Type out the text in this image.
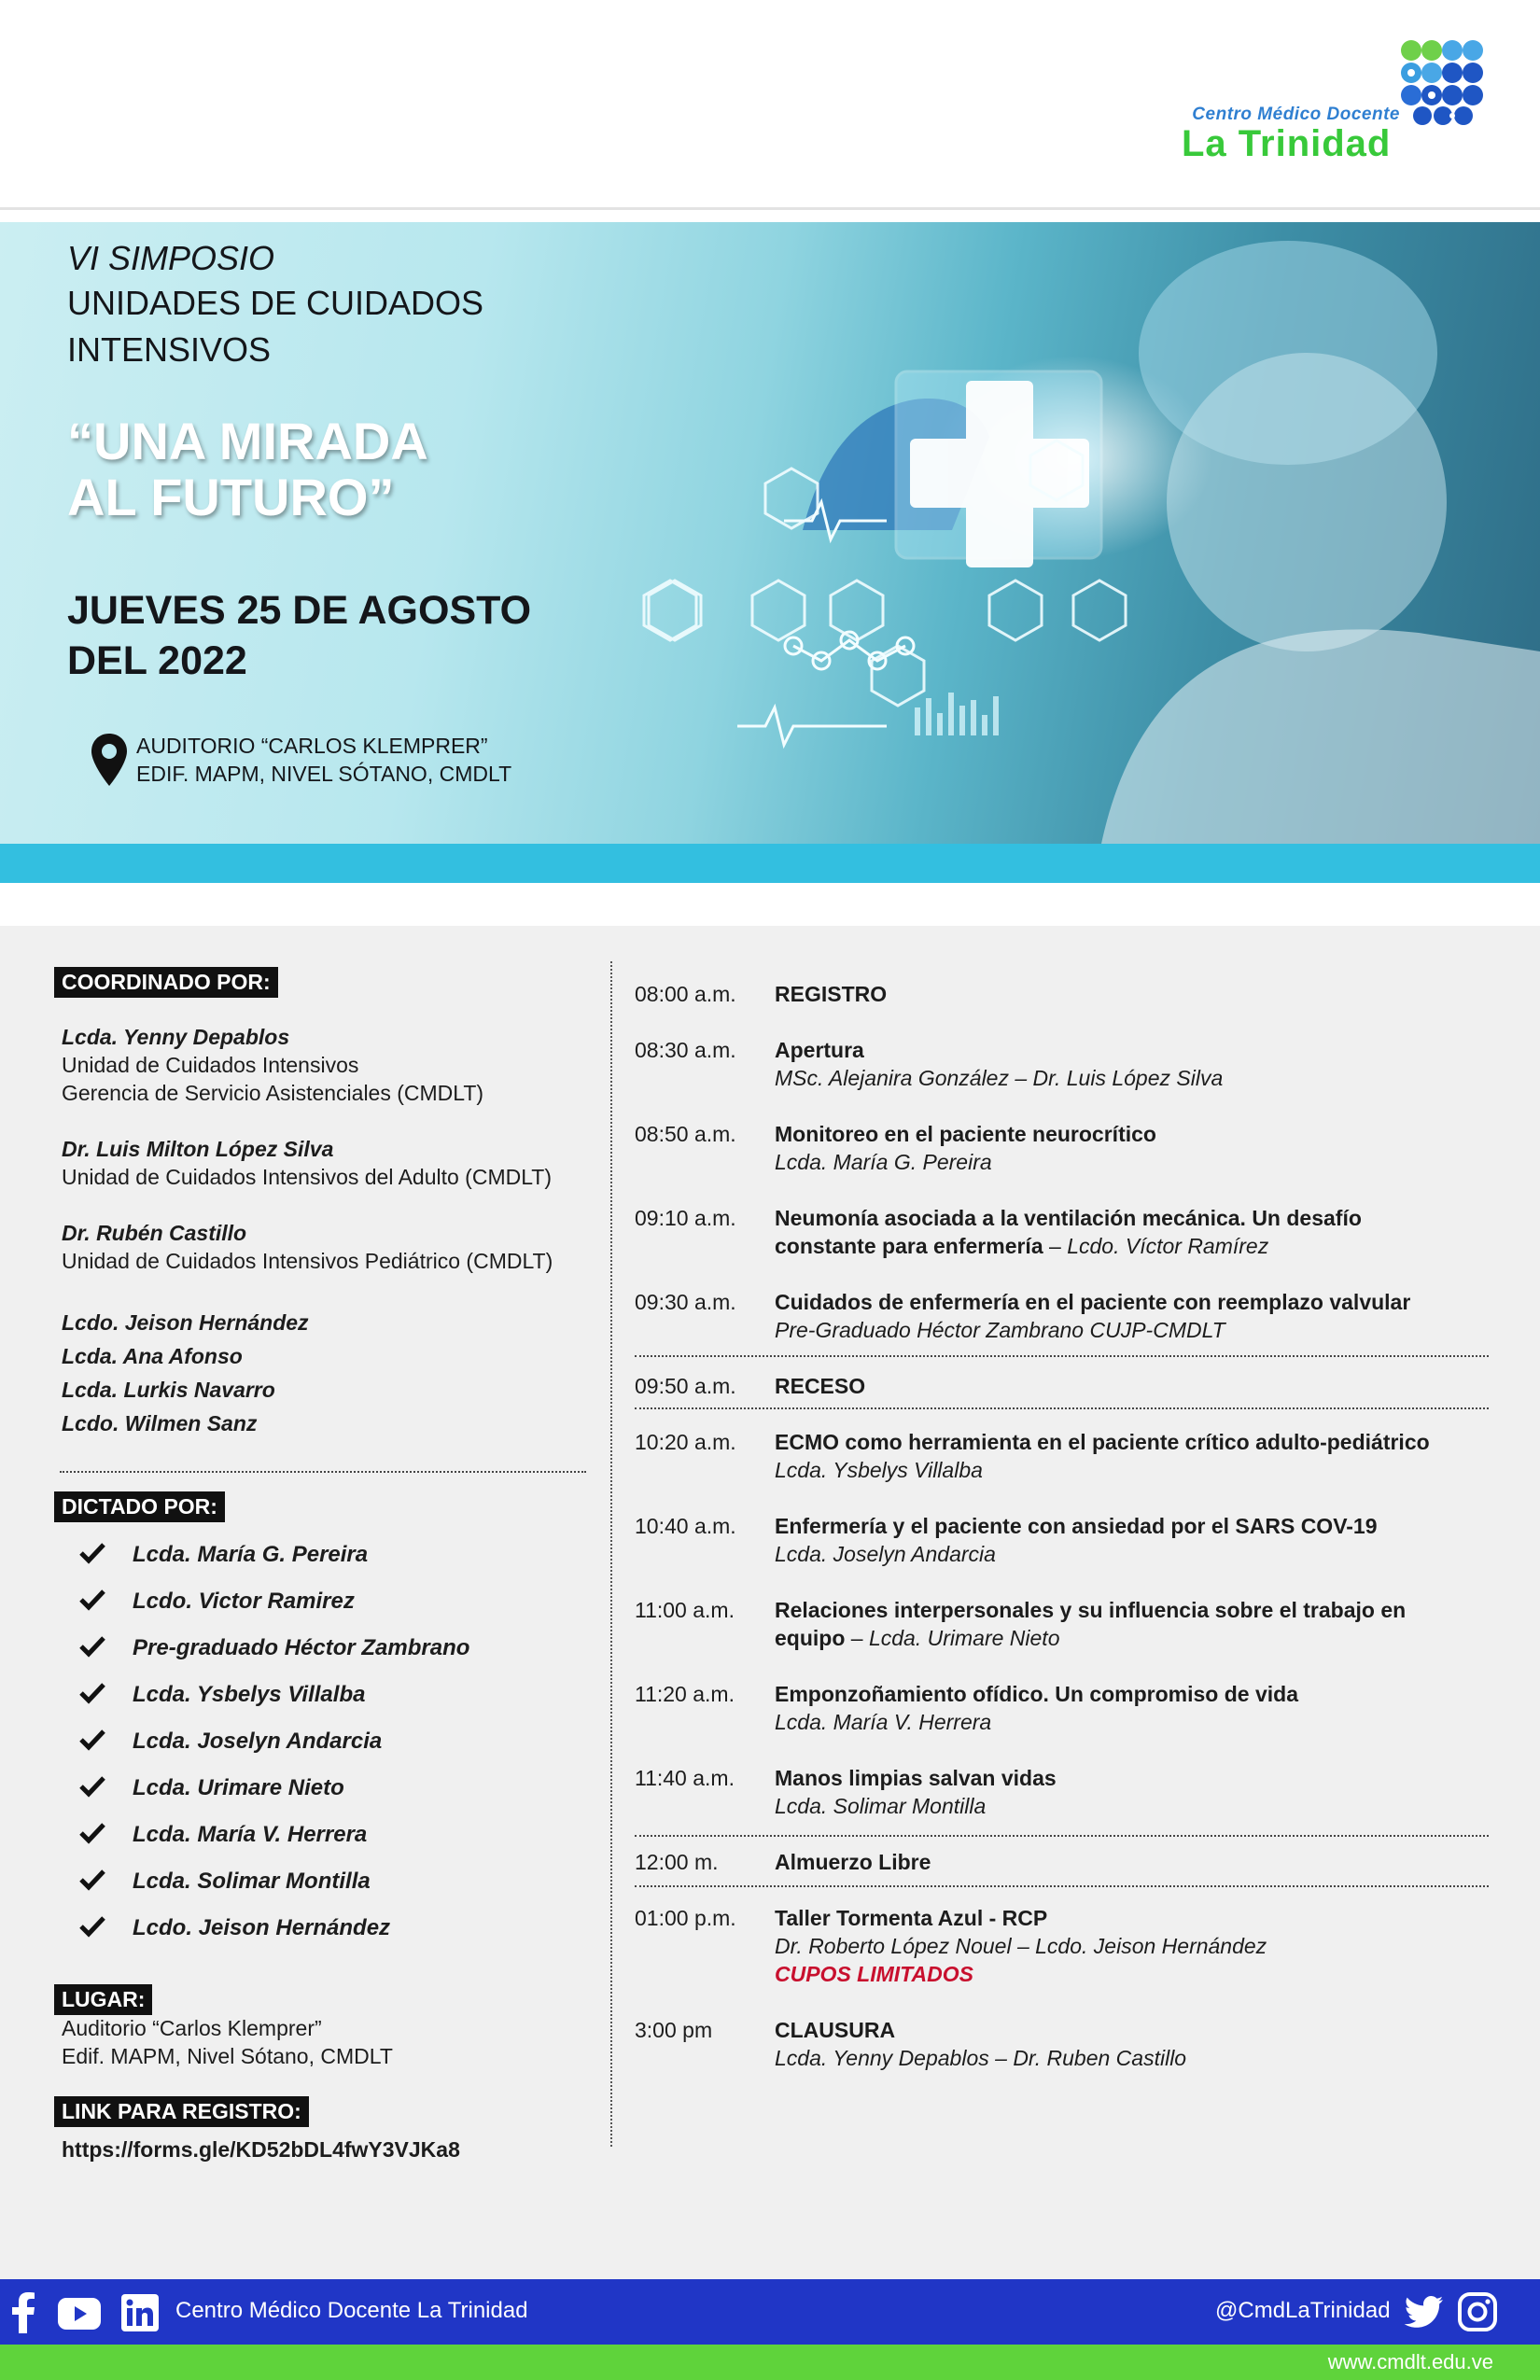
Centro Médico Docente
La Trinidad
VI SIMPOSIO
UNIDADES DE CUIDADOS
INTENSIVOS
“UNA MIRADA
AL FUTURO”
JUEVES 25 DE AGOSTO
DEL 2022
AUDITORIO “CARLOS KLEMPRER”
EDIF. MAPM, NIVEL SÓTANO, CMDLT
COORDINADO POR:
Lcda. Yenny Depablos
Unidad de Cuidados Intensivos
Gerencia de Servicio Asistenciales (CMDLT)
Dr. Luis Milton López Silva
Unidad de Cuidados Intensivos del Adulto (CMDLT)
Dr. Rubén Castillo
Unidad de Cuidados Intensivos Pediátrico (CMDLT)
Lcdo. Jeison Hernández
Lcda. Ana Afonso
Lcda. Lurkis Navarro
Lcdo. Wilmen Sanz
DICTADO POR:
Lcda. María G. Pereira
Lcdo. Victor Ramirez
Pre-graduado Héctor Zambrano
Lcda. Ysbelys Villalba
Lcda. Joselyn Andarcia
Lcda. Urimare Nieto
Lcda. María V. Herrera
Lcda. Solimar Montilla
Lcdo. Jeison Hernández
LUGAR:
Auditorio “Carlos Klemprer”
Edif. MAPM, Nivel Sótano, CMDLT
LINK PARA REGISTRO:
https://forms.gle/KD52bDL4fwY3VJKa8
08:00 a.m. REGISTRO
08:30 a.m. Apertura
MSc. Alejanira González – Dr. Luis López Silva
08:50 a.m. Monitoreo en el paciente neurocrítico
Lcda. María G. Pereira
09:10 a.m. Neumonía asociada a la ventilación mecánica. Un desafío
constante para enfermería – Lcdo. Víctor Ramírez
09:30 a.m. Cuidados de enfermería en el paciente con reemplazo valvular
Pre-Graduado Héctor Zambrano CUJP-CMDLT
09:50 a.m. RECESO
10:20 a.m. ECMO como herramienta en el paciente crítico adulto-pediátrico
Lcda. Ysbelys Villalba
10:40 a.m. Enfermería y el paciente con ansiedad por el SARS COV-19
Lcda. Joselyn Andarcia
11:00 a.m. Relaciones interpersonales y su influencia sobre el trabajo en
equipo – Lcda. Urimare Nieto
11:20 a.m. Emponzoñamiento ofídico. Un compromiso de vida
Lcda. María V. Herrera
11:40 a.m. Manos limpias salvan vidas
Lcda. Solimar Montilla
12:00 m.	Almuerzo Libre
01:00 p.m. Taller Tormenta Azul - RCP
Dr. Roberto López Nouel – Lcdo. Jeison Hernández
CUPOS LIMITADOS
3:00 pm	CLAUSURA
Lcda. Yenny Depablos – Dr. Ruben Castillo
Centro Médico Docente La Trinidad	@CmdLaTrinidad
www.cmdlt.edu.ve
